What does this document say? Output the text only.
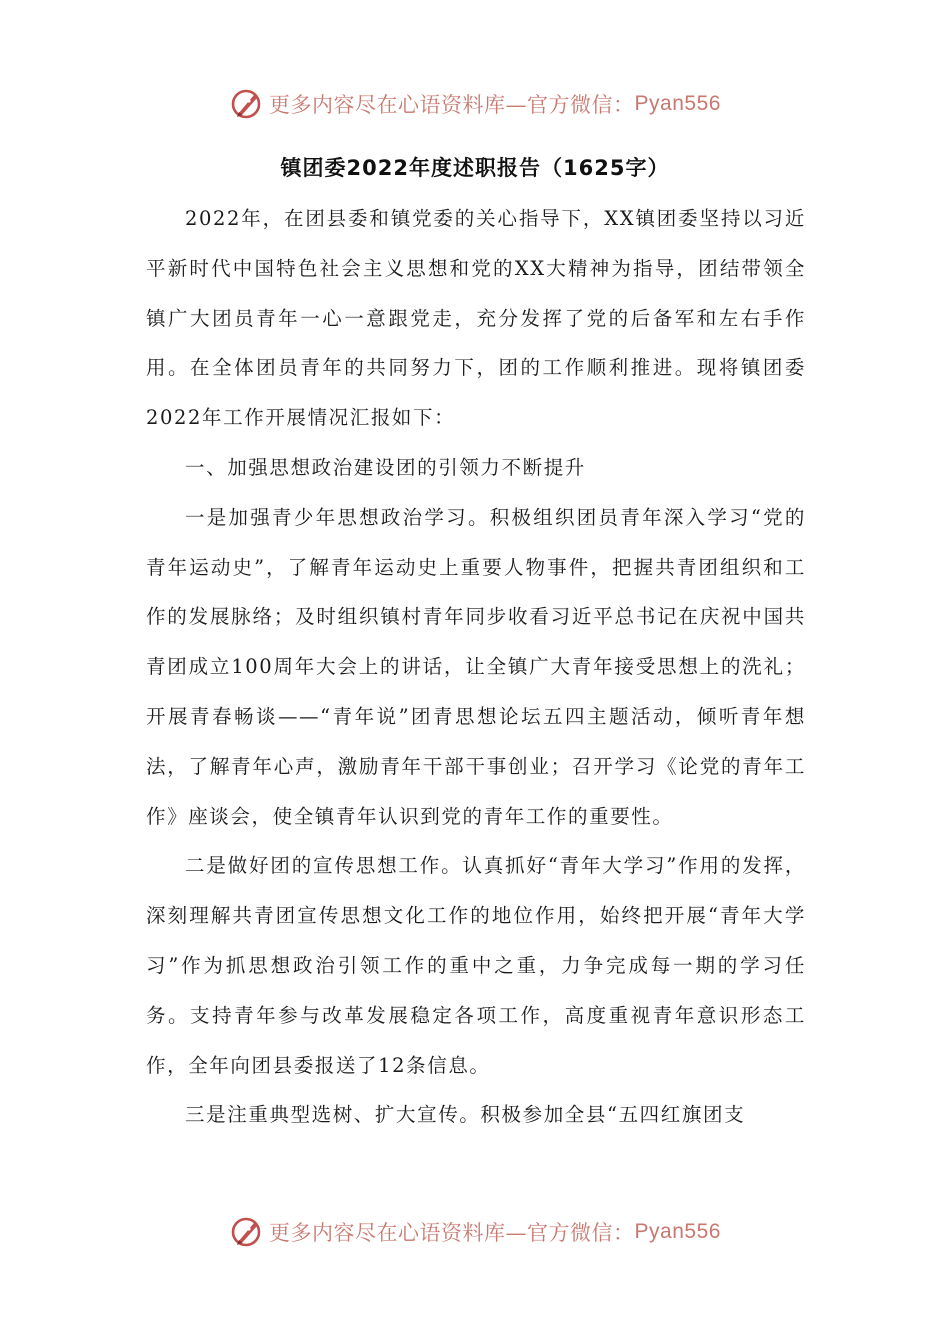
更多内容尽在心语资料库—官方微信： Pyan556
镇团委2022年度述职报告（1625字）

2022年，在团县委和镇党委的关心指导下，XX镇团委坚持以习近平新时代中国特色社会主义思想和党的XX大精神为指导，团结带领全镇广大团员青年一心一意跟党走，充分发挥了党的后备军和左右手作用。在全体团员青年的共同努力下，团的工作顺利推进。现将镇团委2022年工作开展情况汇报如下：

一、加强思想政治建设团的引领力不断提升

一是加强青少年思想政治学习。积极组织团员青年深入学习“党的青年运动史”，了解青年运动史上重要人物事件，把握共青团组织和工作的发展脉络；及时组织镇村青年同步收看习近平总书记在庆祝中国共青团成立100周年大会上的讲话，让全镇广大青年接受思想上的洗礼；开展青春畅谈——“青年说”团青思想论坛五四主题活动，倾听青年想法，了解青年心声，激励青年干部干事创业；召开学习《论党的青年工作》座谈会，使全镇青年认识到党的青年工作的重要性。

二是做好团的宣传思想工作。认真抓好“青年大学习”作用的发挥，深刻理解共青团宣传思想文化工作的地位作用，始终把开展“青年大学习”作为抓思想政治引领工作的重中之重，力争完成每一期的学习任务。支持青年参与改革发展稳定各项工作，高度重视青年意识形态工作，全年向团县委报送了12条信息。

三是注重典型选树、扩大宣传。积极参加全县“五四红旗团支

更多内容尽在心语资料库—官方微信： Pyan556
